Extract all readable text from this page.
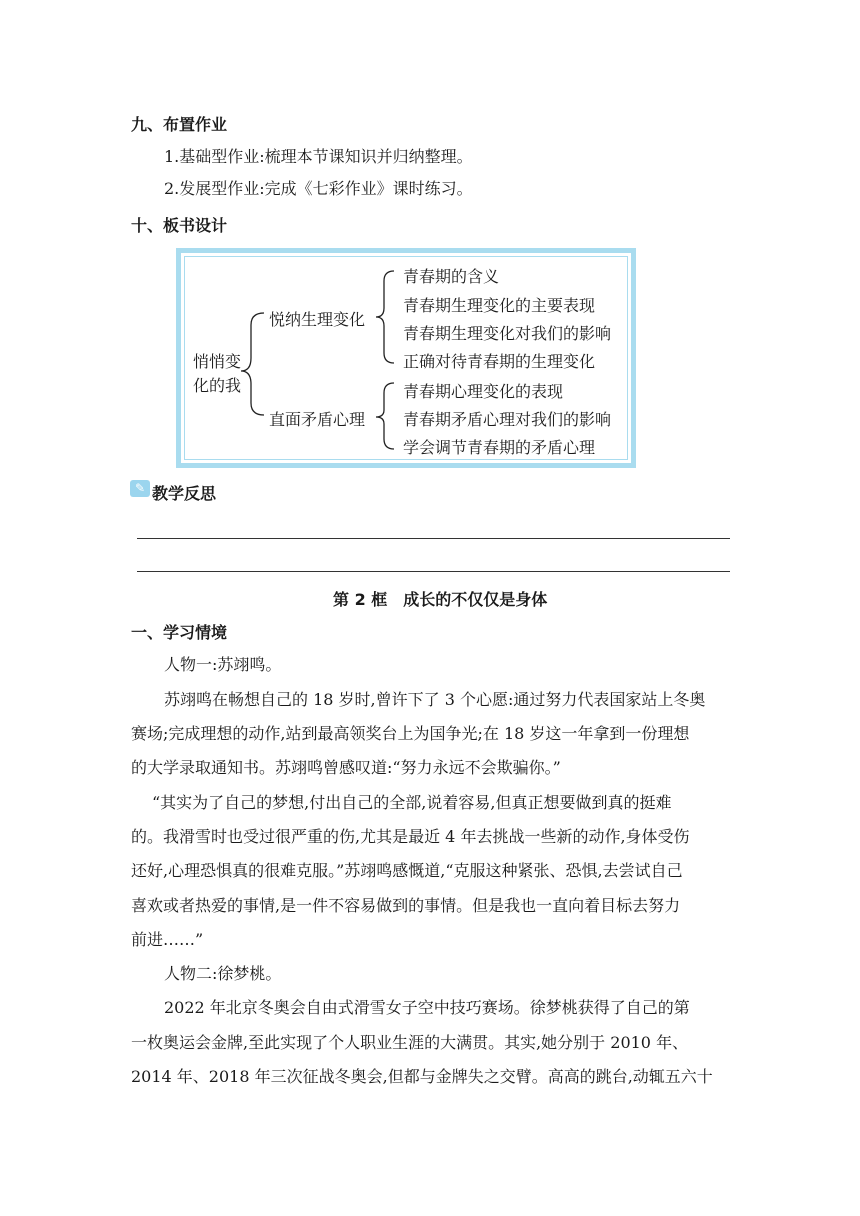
九、布置作业
1.基础型作业:梳理本节课知识并归纳整理。
2.发展型作业:完成《七彩作业》课时练习。
十、板书设计
悄悄变
化的我
悦纳生理变化
直面矛盾心理
青春期的含义
青春期生理变化的主要表现
青春期生理变化对我们的影响
正确对待青春期的生理变化
青春期心理变化的表现
青春期矛盾心理对我们的影响
学会调节青春期的矛盾心理
✎ 教学反思
第 2 框　成长的不仅仅是身体
一、学习情境
人物一:苏翊鸣。
苏翊鸣在畅想自己的 18 岁时,曾许下了 3 个心愿:通过努力代表国家站上冬奥
赛场;完成理想的动作,站到最高领奖台上为国争光;在 18 岁这一年拿到一份理想
的大学录取通知书。苏翊鸣曾感叹道:“努力永远不会欺骗你。”
“其实为了自己的梦想,付出自己的全部,说着容易,但真正想要做到真的挺难
的。我滑雪时也受过很严重的伤,尤其是最近 4 年去挑战一些新的动作,身体受伤
还好,心理恐惧真的很难克服。”苏翊鸣感慨道,“克服这种紧张、恐惧,去尝试自己
喜欢或者热爱的事情,是一件不容易做到的事情。但是我也一直向着目标去努力
前进……”
人物二:徐梦桃。
2022 年北京冬奥会自由式滑雪女子空中技巧赛场。徐梦桃获得了自己的第
一枚奥运会金牌,至此实现了个人职业生涯的大满贯。其实,她分别于 2010 年、
2014 年、2018 年三次征战冬奥会,但都与金牌失之交臂。高高的跳台,动辄五六十
